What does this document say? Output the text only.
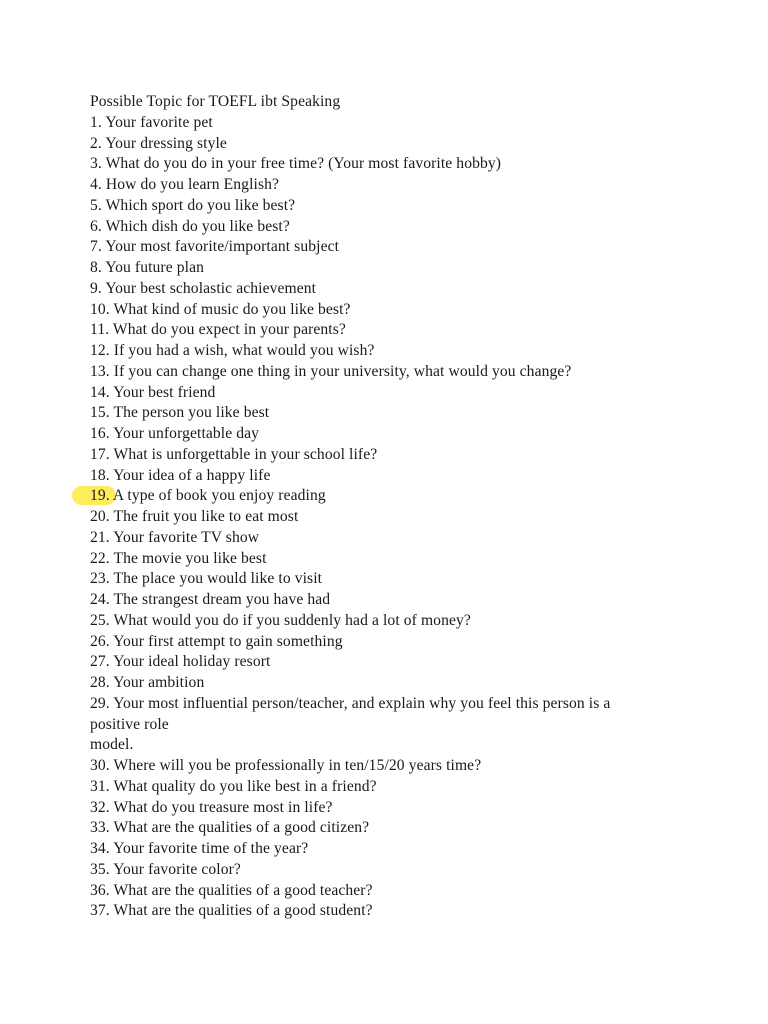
Possible Topic for TOEFL ibt Speaking
1. Your favorite pet
2. Your dressing style
3. What do you do in your free time? (Your most favorite hobby)
4. How do you learn English?
5. Which sport do you like best?
6. Which dish do you like best?
7. Your most favorite/important subject
8. You future plan
9. Your best scholastic achievement
10. What kind of music do you like best?
11. What do you expect in your parents?
12. If you had a wish, what would you wish?
13. If you can change one thing in your university, what would you change?
14. Your best friend
15. The person you like best
16. Your unforgettable day
17. What is unforgettable in your school life?
18. Your idea of a happy life
19. A type of book you enjoy reading
20. The fruit you like to eat most
21. Your favorite TV show
22. The movie you like best
23. The place you would like to visit
24. The strangest dream you have had
25. What would you do if you suddenly had a lot of money?
26. Your first attempt to gain something
27. Your ideal holiday resort
28. Your ambition
29. Your most influential person/teacher, and explain why you feel this person is a
positive role
model.
30. Where will you be professionally in ten/15/20 years time?
31. What quality do you like best in a friend?
32. What do you treasure most in life?
33. What are the qualities of a good citizen?
34. Your favorite time of the year?
35. Your favorite color?
36. What are the qualities of a good teacher?
37. What are the qualities of a good student?
